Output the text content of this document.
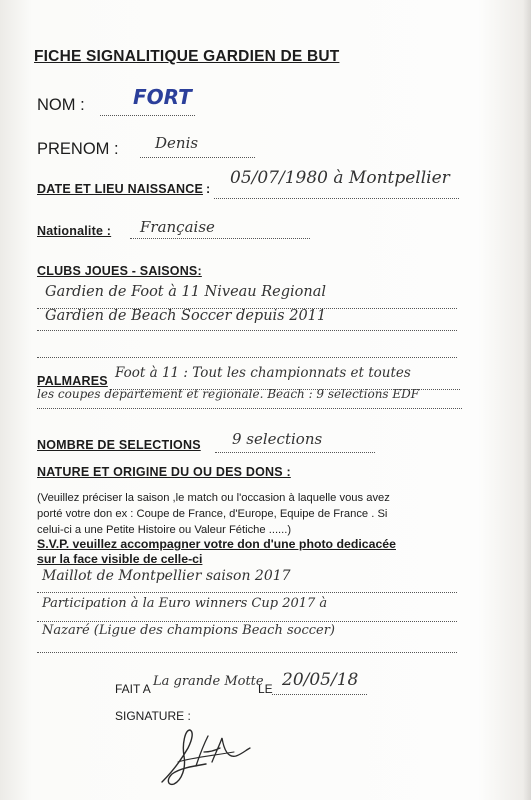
FICHE SIGNALITIQUE GARDIEN DE BUT
NOM : FORT
PRENOM : Denis
DATE ET LIEU NAISSANCE :
05/07/1980 à Montpellier
Nationalite : Française
CLUBS JOUES - SAISONS:
Gardien de Foot à 11 Niveau Regional
Gardien de Beach Soccer depuis 2011
PALMARES Foot à 11 : Tout les championnats et toutes
les coupes departement et regionale. Beach : 9 selections EDF
NOMBRE DE SELECTIONS 9 selections
NATURE ET ORIGINE DU OU DES DONS :
(Veuillez préciser la saison ,le match ou l'occasion à laquelle vous avez
porté votre don ex : Coupe de France, d'Europe, Equipe de France . Si
celui-ci a une Petite Histoire ou Valeur Fétiche ......)
S.V.P. veuillez accompagner votre don d'une photo dedicacée
sur la face visible de celle-ci
Maillot de Montpellier saison 2017
Participation à la Euro winners Cup 2017 à
Nazaré (Ligue des champions Beach soccer)
FAIT A La grande Motte
LE 20/05/18
SIGNATURE :
